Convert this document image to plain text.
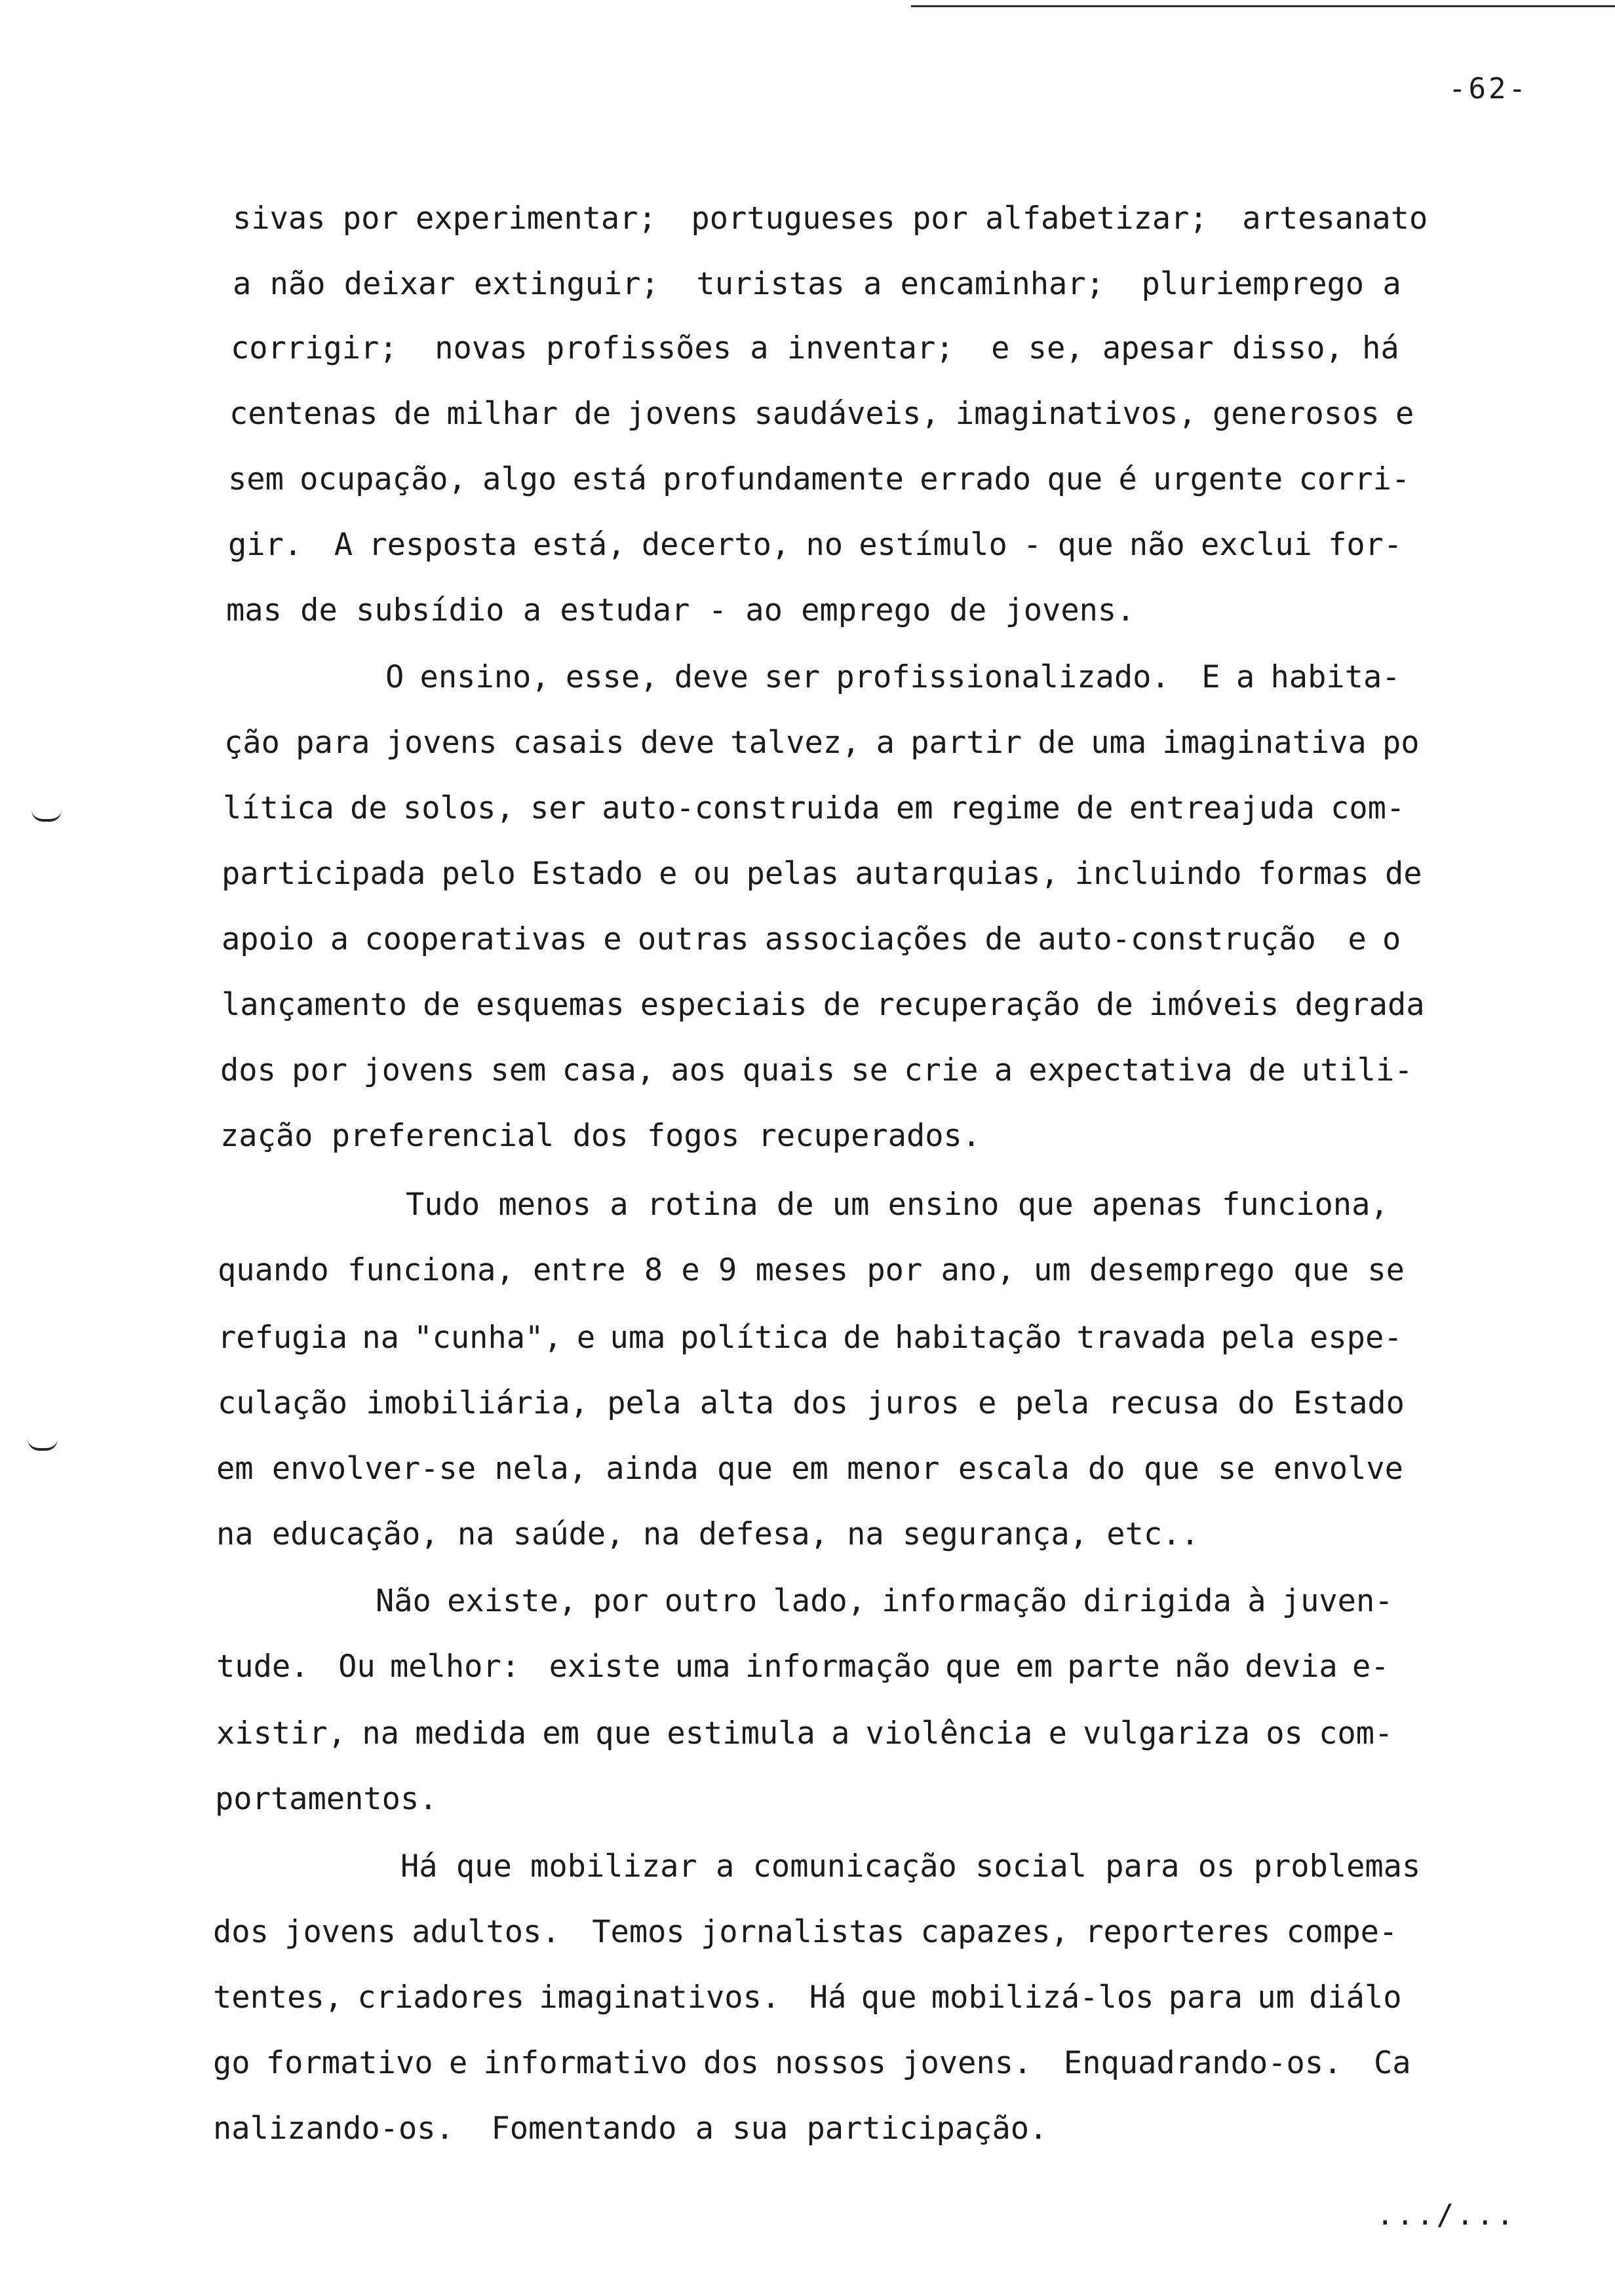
-62-
sivas por experimentar;  portugueses por alfabetizar;  artesanato
a não deixar extinguir;  turistas a encaminhar;  pluriemprego a
corrigir;  novas profissões a inventar;  e se, apesar disso, há
centenas de milhar de jovens saudáveis, imaginativos, generosos e
sem ocupação, algo está profundamente errado que é urgente corri-
gir.  A resposta está, decerto, no estímulo - que não exclui for-
mas de subsídio a estudar - ao emprego de jovens.
O ensino, esse, deve ser profissionalizado.  E a habita-
ção para jovens casais deve talvez, a partir de uma imaginativa po
lítica de solos, ser auto-construida em regime de entreajuda com-
participada pelo Estado e ou pelas autarquias, incluindo formas de
apoio a cooperativas e outras associações de auto-construção  e o
lançamento de esquemas especiais de recuperação de imóveis degrada
dos por jovens sem casa, aos quais se crie a expectativa de utili-
zação preferencial dos fogos recuperados.
Tudo menos a rotina de um ensino que apenas funciona,
quando funciona, entre 8 e 9 meses por ano, um desemprego que se
refugia na "cunha", e uma política de habitação travada pela espe-
culação imobiliária, pela alta dos juros e pela recusa do Estado
em envolver-se nela, ainda que em menor escala do que se envolve
na educação, na saúde, na defesa, na segurança, etc..
Não existe, por outro lado, informação dirigida à juven-
tude.  Ou melhor:  existe uma informação que em parte não devia e-
xistir, na medida em que estimula a violência e vulgariza os com-
portamentos.
Há que mobilizar a comunicação social para os problemas
dos jovens adultos.  Temos jornalistas capazes, reporteres compe-
tentes, criadores imaginativos.  Há que mobilizá-los para um diálo
go formativo e informativo dos nossos jovens.  Enquadrando-os.  Ca
nalizando-os.  Fomentando a sua participação.
.../...
